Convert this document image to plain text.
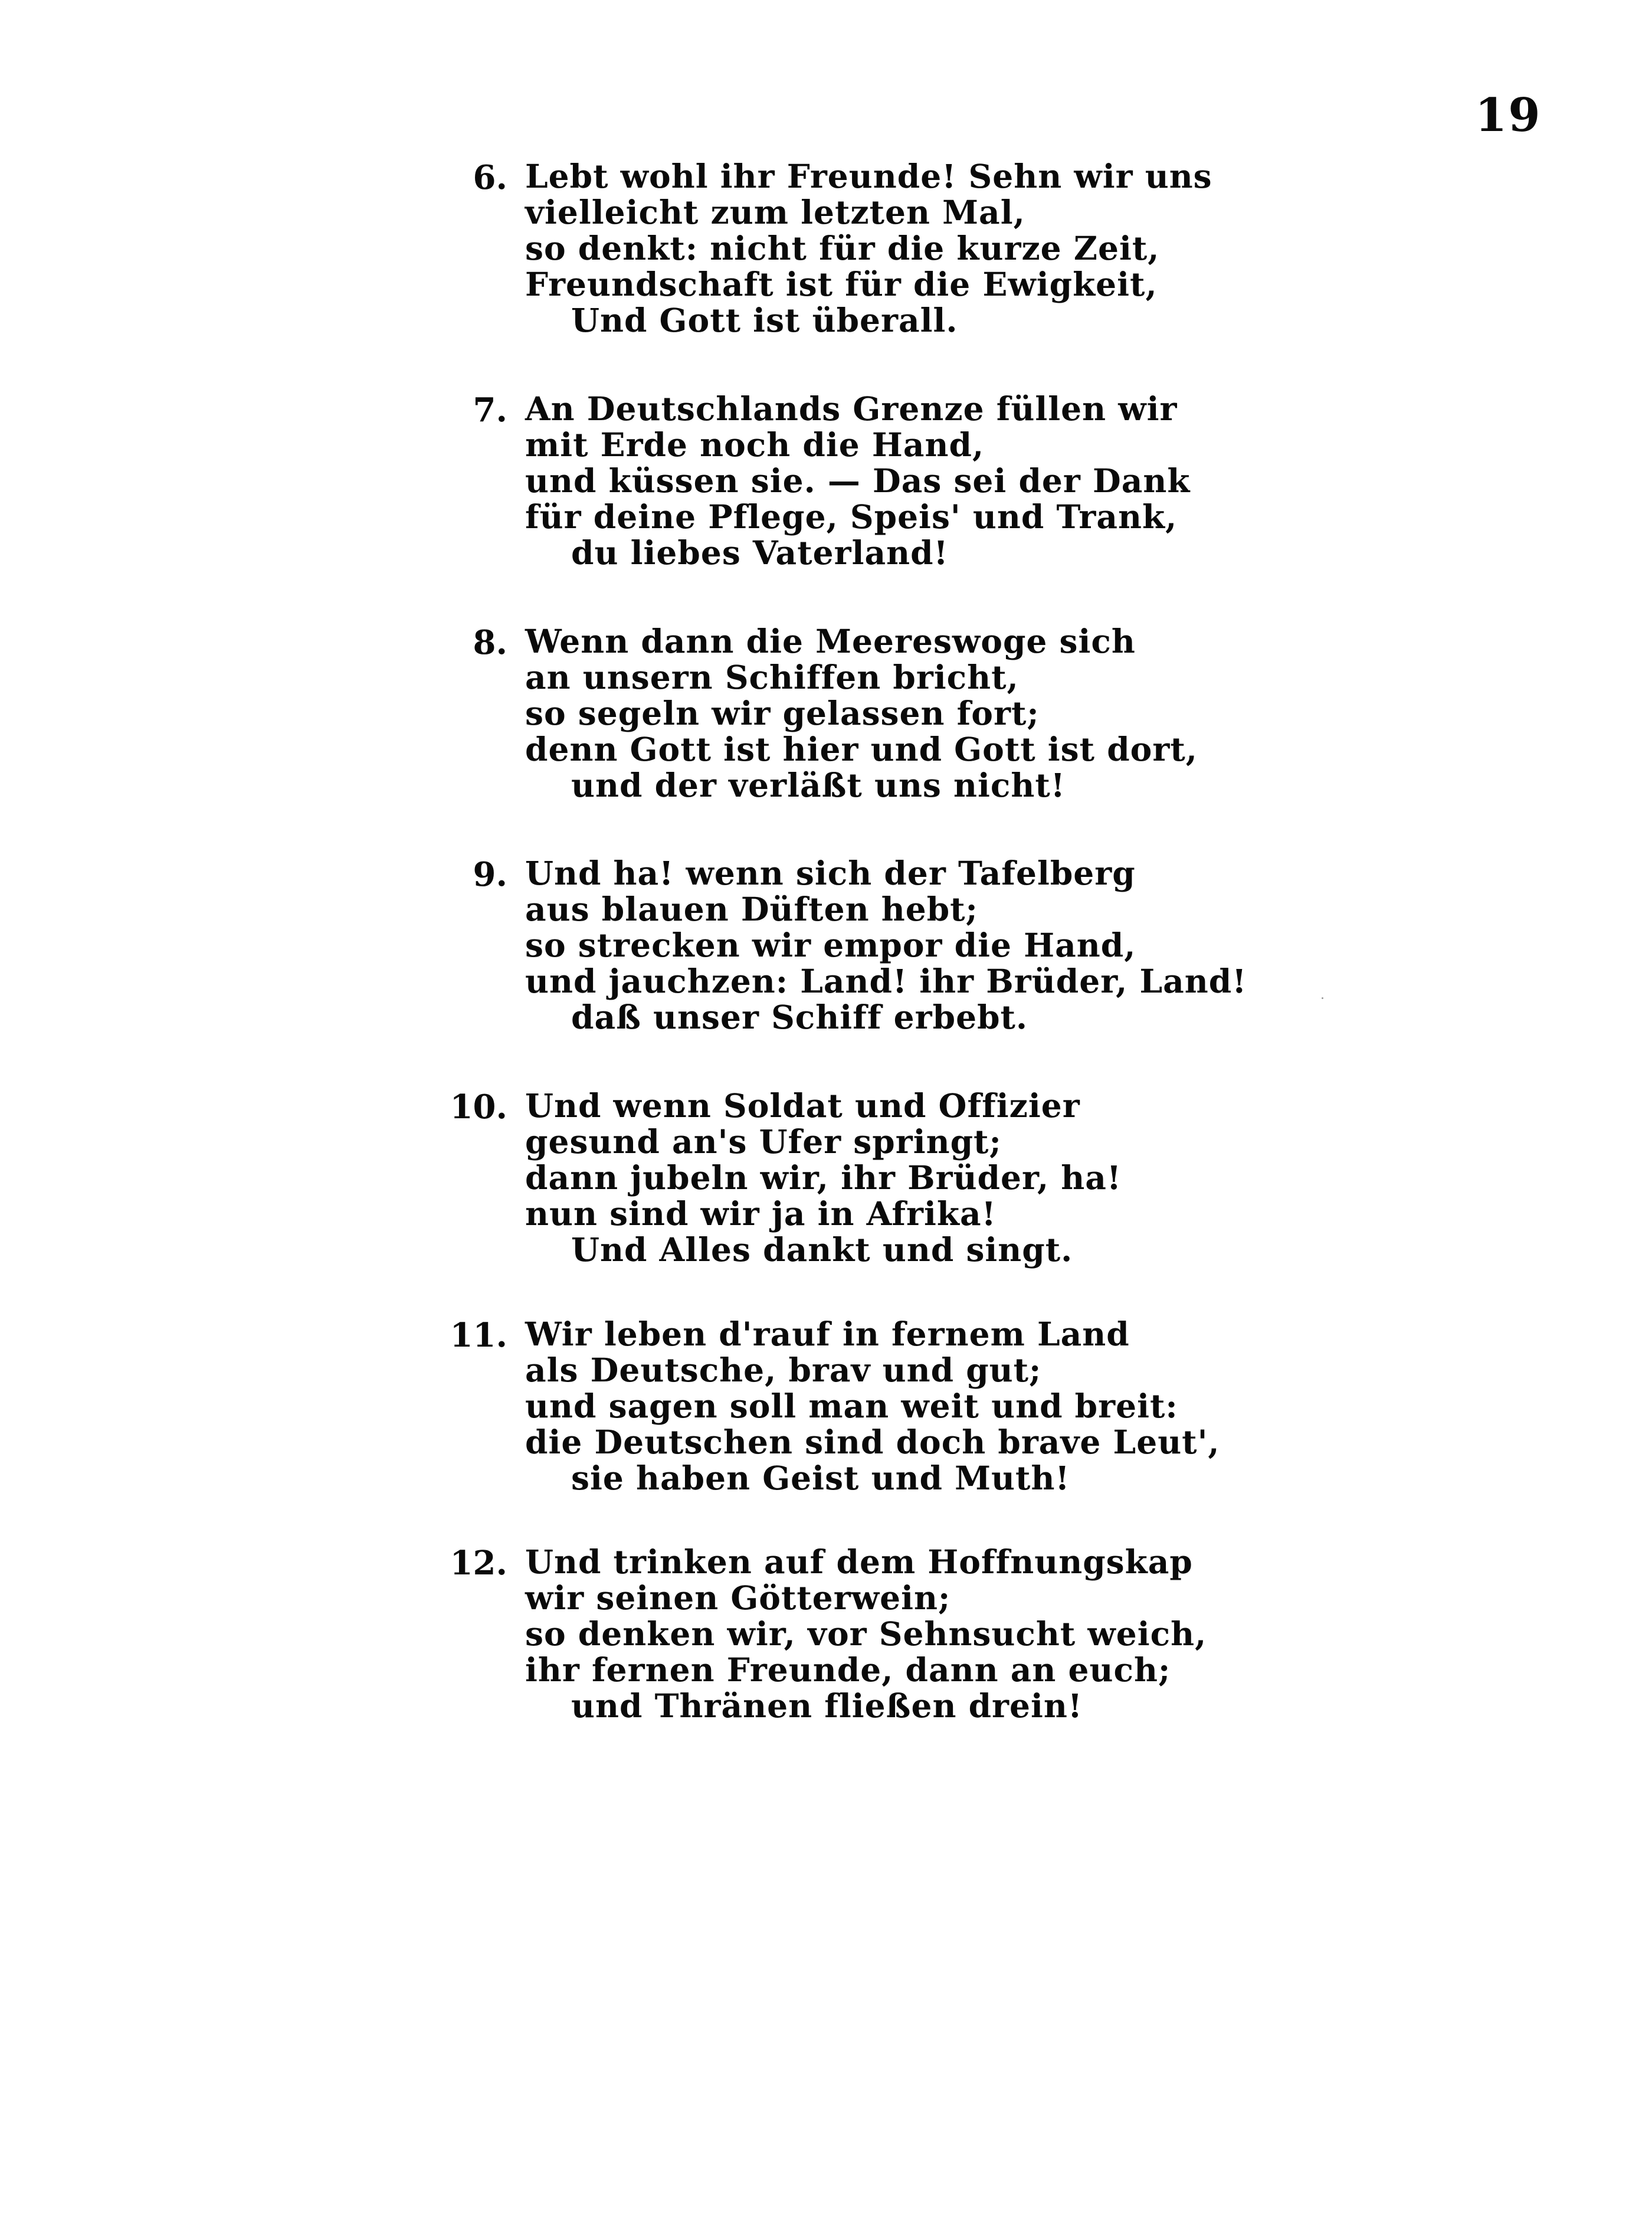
19
6. Lebt wohl ihr Freunde! Sehn wir uns
vielleicht zum letzten Mal,
so denkt: nicht für die kurze Zeit,
Freundschaft ist für die Ewigkeit,
Und Gott ist überall.
7. An Deutschlands Grenze füllen wir
mit Erde noch die Hand,
und küssen sie. — Das sei der Dank
für deine Pflege, Speis' und Trank,
du liebes Vaterland!
8. Wenn dann die Meereswoge sich
an unsern Schiffen bricht,
so segeln wir gelassen fort;
denn Gott ist hier und Gott ist dort,
und der verläßt uns nicht!
9. Und ha! wenn sich der Tafelberg
aus blauen Düften hebt;
so strecken wir empor die Hand,
und jauchzen: Land! ihr Brüder, Land!
daß unser Schiff erbebt.
10. Und wenn Soldat und Offizier
gesund an's Ufer springt;
dann jubeln wir, ihr Brüder, ha!
nun sind wir ja in Afrika!
Und Alles dankt und singt.
11. Wir leben d'rauf in fernem Land
als Deutsche, brav und gut;
und sagen soll man weit und breit:
die Deutschen sind doch brave Leut',
sie haben Geist und Muth!
12. Und trinken auf dem Hoffnungskap
wir seinen Götterwein;
so denken wir, vor Sehnsucht weich,
ihr fernen Freunde, dann an euch;
und Thränen fließen drein!
